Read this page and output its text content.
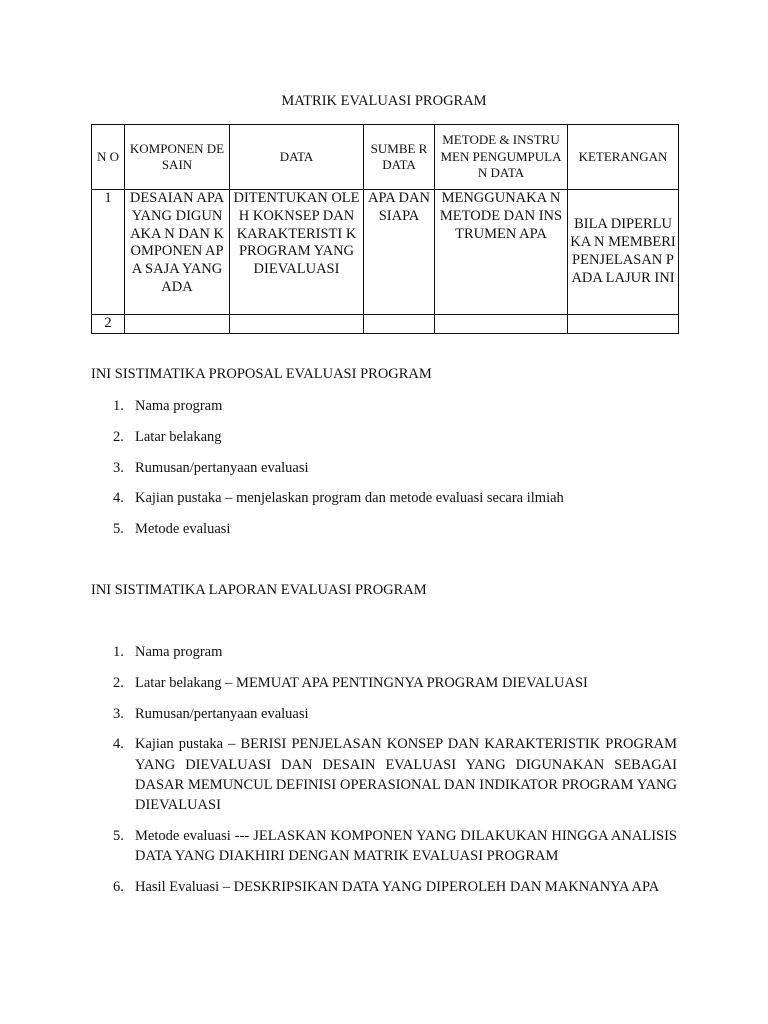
MATRIK EVALUASI PROGRAM
N O	KOMPONEN DESAIN	DATA	SUMBE R DATA	METODE & INSTRUMEN PENGUMPULAN DATA	KETERANGAN
1	DESAIAN APA YANG DIGUNAKA N DAN KOMPONEN APA SAJA YANG ADA	DITENTUKAN OLEH KOKNSEP DAN KARAKTERISTI K PROGRAM YANG DIEVALUASI	APA DAN SIAPA	MENGGUNAKA N METODE DAN INSTRUMEN APA	BILA DIPERLUKA N MEMBERI PENJELASAN PADA LAJUR INI
2					
INI SISTIMATIKA PROPOSAL EVALUASI PROGRAM
1. Nama program
2. Latar belakang
3. Rumusan/pertanyaan evaluasi
4. Kajian pustaka – menjelaskan program dan metode evaluasi secara ilmiah
5. Metode evaluasi
INI SISTIMATIKA LAPORAN EVALUASI PROGRAM
1. Nama program
2. Latar belakang – MEMUAT APA PENTINGNYA PROGRAM DIEVALUASI
3. Rumusan/pertanyaan evaluasi
4. Kajian pustaka – BERISI PENJELASAN KONSEP DAN KARAKTERISTIK PROGRAM YANG DIEVALUASI DAN DESAIN EVALUASI YANG DIGUNAKAN SEBAGAI DASAR MEMUNCUL DEFINISI OPERASIONAL DAN INDIKATOR PROGRAM YANG DIEVALUASI
5. Metode evaluasi --- JELASKAN KOMPONEN YANG DILAKUKAN HINGGA ANALISIS DATA YANG DIAKHIRI DENGAN MATRIK EVALUASI PROGRAM
6. Hasil Evaluasi – DESKRIPSIKAN DATA YANG DIPEROLEH DAN MAKNANYA APA
